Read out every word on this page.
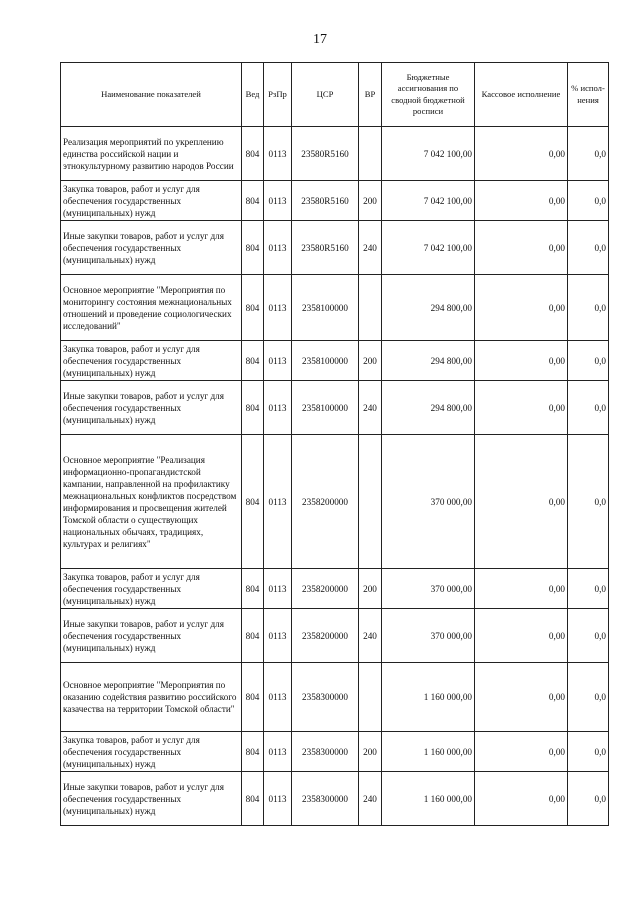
17
Наименование показателей	Вед	РзПр	ЦСР	ВР	Бюджетные ассигнования по сводной бюджетной росписи	Кассовое исполнение	% испол-нения
Реализация мероприятий по укреплению единства российской нации и этнокультурному развитию народов России	804	0113	23580R5160		7 042 100,00	0,00	0,0
Закупка товаров, работ и услуг для обеспечения государственных (муниципальных) нужд	804	0113	23580R5160	200	7 042 100,00	0,00	0,0
Иные закупки товаров, работ и услуг для обеспечения государственных (муниципальных) нужд	804	0113	23580R5160	240	7 042 100,00	0,00	0,0
Основное мероприятие "Мероприятия по мониторингу состояния межнациональных отношений и проведение социологических исследований"	804	0113	2358100000		294 800,00	0,00	0,0
Закупка товаров, работ и услуг для обеспечения государственных (муниципальных) нужд	804	0113	2358100000	200	294 800,00	0,00	0,0
Иные закупки товаров, работ и услуг для обеспечения государственных (муниципальных) нужд	804	0113	2358100000	240	294 800,00	0,00	0,0
Основное мероприятие "Реализация информационно-пропагандистской кампании, направленной на профилактику межнациональных конфликтов посредством информирования и просвещения жителей Томской области о существующих национальных обычаях, традициях, культурах и религиях"	804	0113	2358200000		370 000,00	0,00	0,0
Закупка товаров, работ и услуг для обеспечения государственных (муниципальных) нужд	804	0113	2358200000	200	370 000,00	0,00	0,0
Иные закупки товаров, работ и услуг для обеспечения государственных (муниципальных) нужд	804	0113	2358200000	240	370 000,00	0,00	0,0
Основное мероприятие "Мероприятия по оказанию содействия развитию российского казачества на территории Томской области"	804	0113	2358300000		1 160 000,00	0,00	0,0
Закупка товаров, работ и услуг для обеспечения государственных (муниципальных) нужд	804	0113	2358300000	200	1 160 000,00	0,00	0,0
Иные закупки товаров, работ и услуг для обеспечения государственных (муниципальных) нужд	804	0113	2358300000	240	1 160 000,00	0,00	0,0
